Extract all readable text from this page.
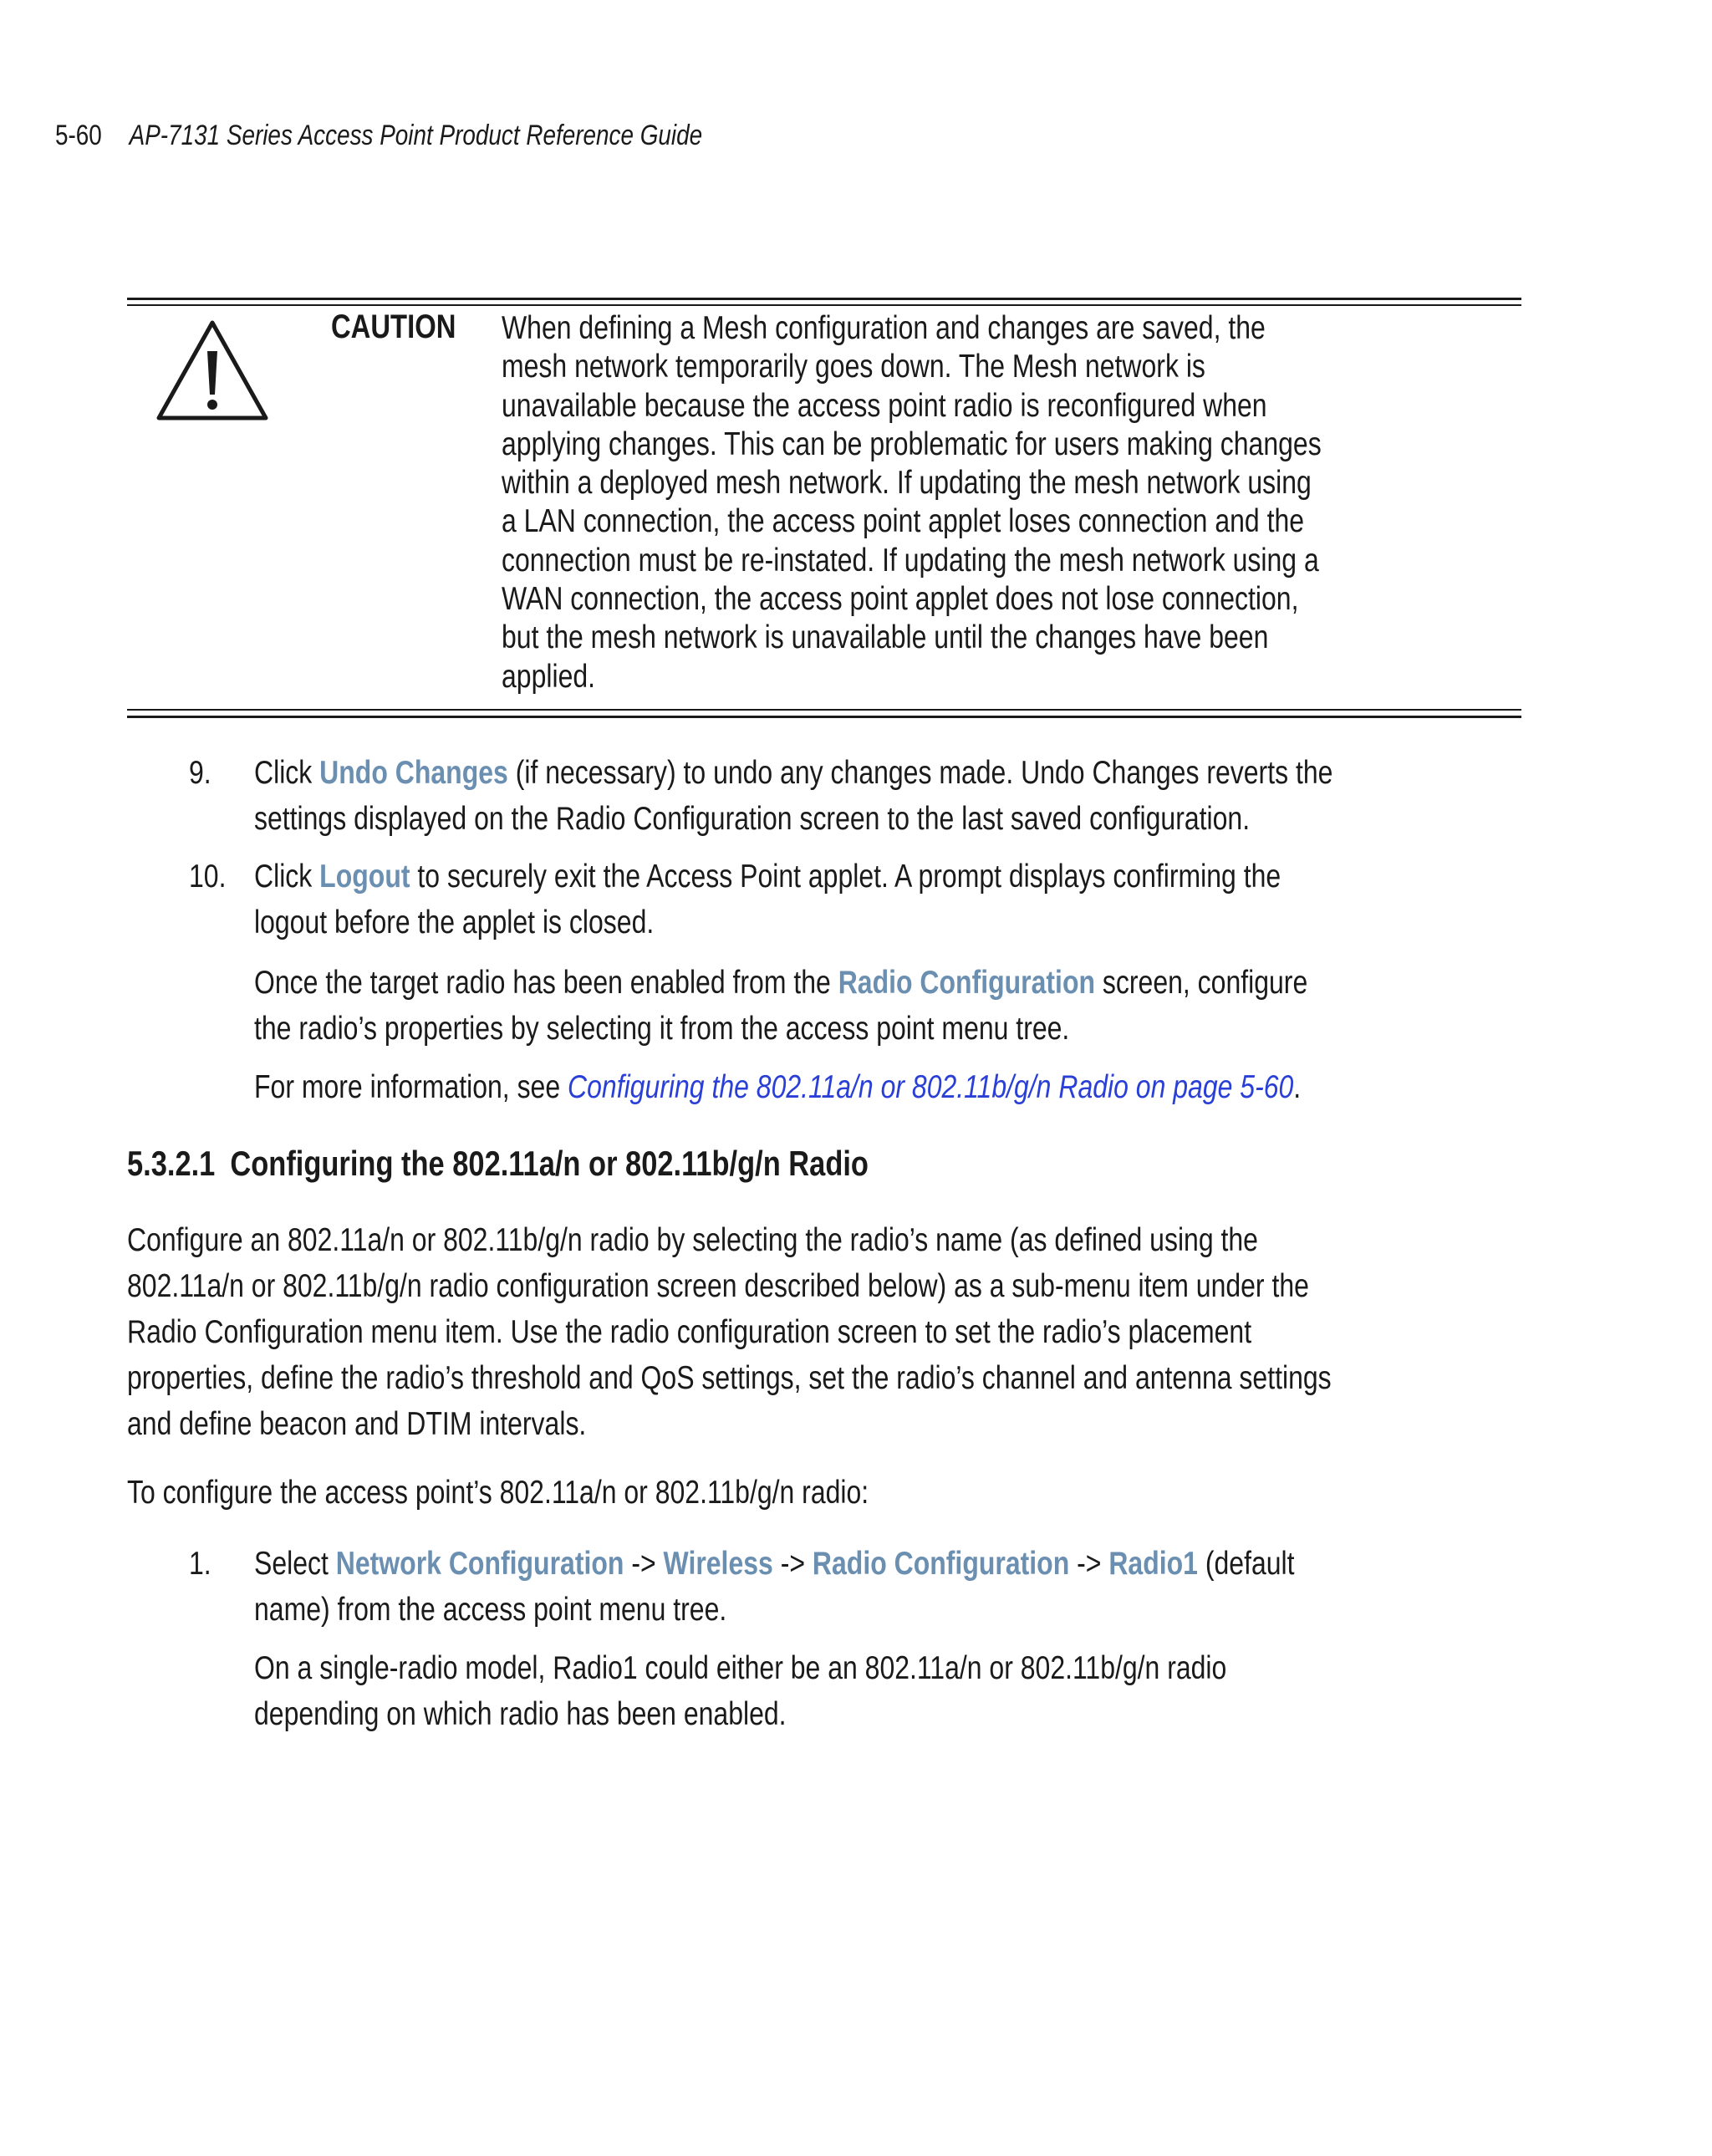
5-60 AP-7131 Series Access Point Product Reference Guide
CAUTION When defining a Mesh configuration and changes are saved, the
mesh network temporarily goes down. The Mesh network is
unavailable because the access point radio is reconfigured when
applying changes. This can be problematic for users making changes
within a deployed mesh network. If updating the mesh network using
a LAN connection, the access point applet loses connection and the
connection must be re-instated. If updating the mesh network using a
WAN connection, the access point applet does not lose connection,
but the mesh network is unavailable until the changes have been
applied.
9. Click Undo Changes (if necessary) to undo any changes made. Undo Changes reverts the
settings displayed on the Radio Configuration screen to the last saved configuration.
10. Click Logout to securely exit the Access Point applet. A prompt displays confirming the
logout before the applet is closed.
Once the target radio has been enabled from the Radio Configuration screen, configure
the radio’s properties by selecting it from the access point menu tree.
For more information, see Configuring the 802.11a/n or 802.11b/g/n Radio on page 5-60.
5.3.2.1 Configuring the 802.11a/n or 802.11b/g/n Radio
Configure an 802.11a/n or 802.11b/g/n radio by selecting the radio’s name (as defined using the
802.11a/n or 802.11b/g/n radio configuration screen described below) as a sub-menu item under the
Radio Configuration menu item. Use the radio configuration screen to set the radio’s placement
properties, define the radio’s threshold and QoS settings, set the radio’s channel and antenna settings
and define beacon and DTIM intervals.
To configure the access point’s 802.11a/n or 802.11b/g/n radio:
1. Select Network Configuration -> Wireless -> Radio Configuration -> Radio1 (default
name) from the access point menu tree.
On a single-radio model, Radio1 could either be an 802.11a/n or 802.11b/g/n radio
depending on which radio has been enabled.
